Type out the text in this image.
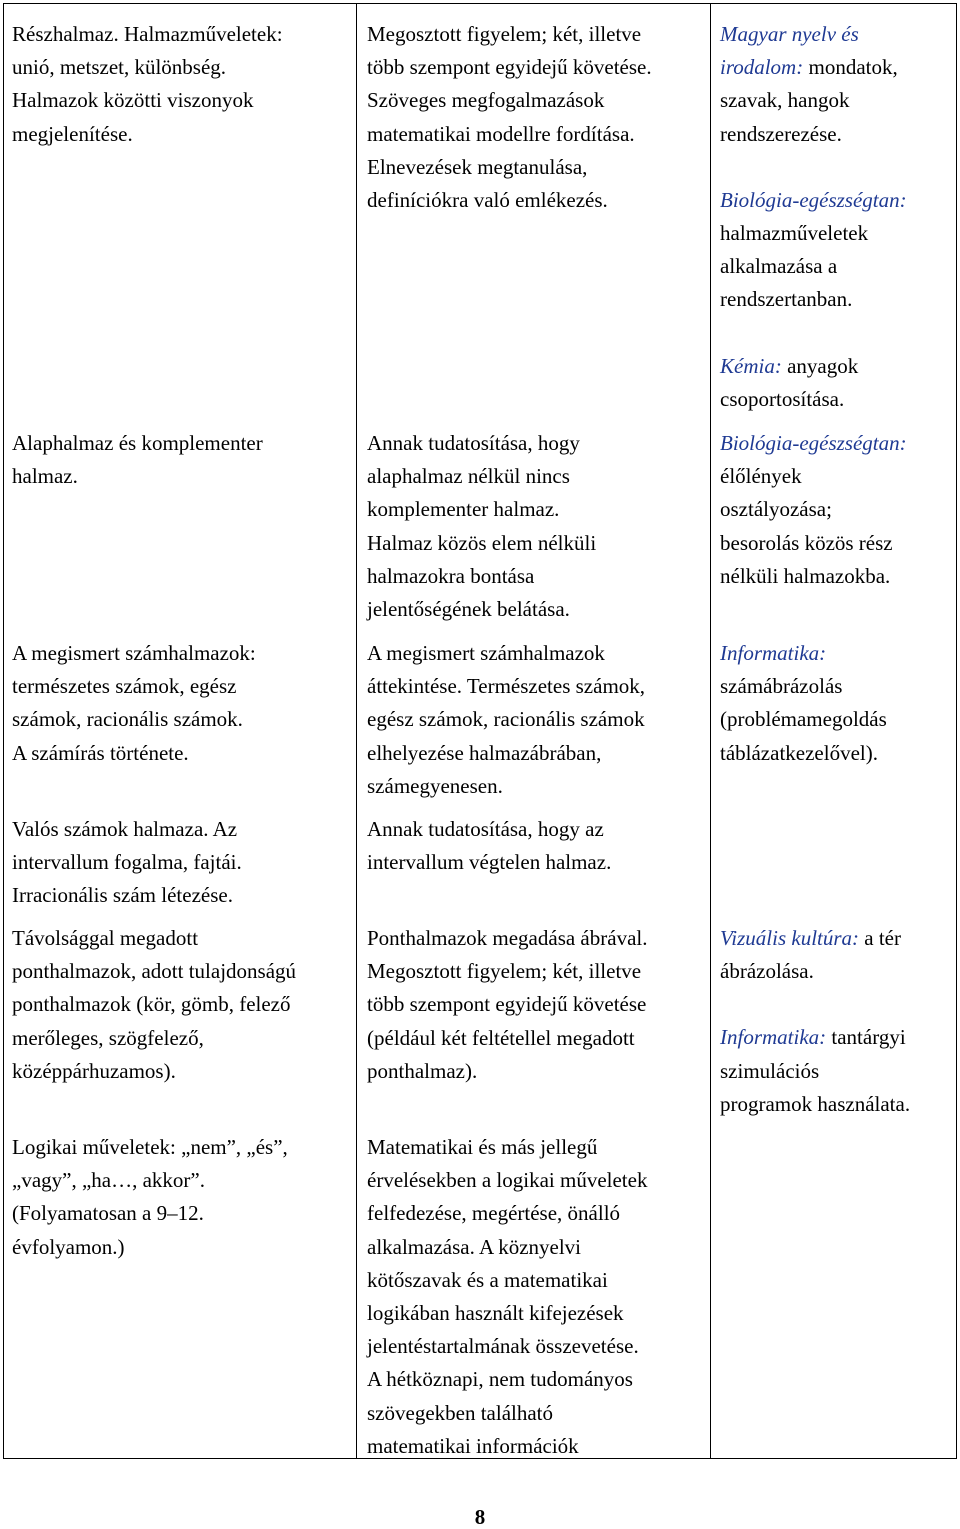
Részhalmaz. Halmazműveletek:

unió, metszet, különbség.

Halmazok közötti viszonyok

megjelenítése.

Megosztott figyelem; két, illetve

több szempont egyidejű követése.

Szöveges megfogalmazások

matematikai modellre fordítása.

Elnevezések megtanulása,

definíciókra való emlékezés.

Magyar nyelv és

irodalom: mondatok,

szavak, hangok

rendszerezése.

Biológia-egészségtan:

halmazműveletek

alkalmazása a

rendszertanban.

Kémia: anyagok

csoportosítása.

Alaphalmaz és komplementer

halmaz.

Annak tudatosítása, hogy

alaphalmaz nélkül nincs

komplementer halmaz.

Halmaz közös elem nélküli

halmazokra bontása

jelentőségének belátása.

Biológia-egészségtan:

élőlények

osztályozása;

besorolás közös rész

nélküli halmazokba.

A megismert számhalmazok:

természetes számok, egész

számok, racionális számok.

A számírás története.

A megismert számhalmazok

áttekintése. Természetes számok,

egész számok, racionális számok

elhelyezése halmazábrában,

számegyenesen.

Informatika:

számábrázolás

(problémamegoldás

táblázatkezelővel).

Valós számok halmaza. Az

intervallum fogalma, fajtái.

Irracionális szám létezése.

Annak tudatosítása, hogy az

intervallum végtelen halmaz.

Távolsággal megadott

ponthalmazok, adott tulajdonságú

ponthalmazok (kör, gömb, felező

merőleges, szögfelező,

középpárhuzamos).

Ponthalmazok megadása ábrával.

Megosztott figyelem; két, illetve

több szempont egyidejű követése

(például két feltétellel megadott

ponthalmaz).

Vizuális kultúra: a tér

ábrázolása.

Informatika: tantárgyi

szimulációs

programok használata.

Logikai műveletek: „nem”, „és”,

„vagy”, „ha…, akkor”.

(Folyamatosan a 9–12.

évfolyamon.)

Matematikai és más jellegű

érvelésekben a logikai műveletek

felfedezése, megértése, önálló

alkalmazása. A köznyelvi

kötőszavak és a matematikai

logikában használt kifejezések

jelentéstartalmának összevetése.

A hétköznapi, nem tudományos

szövegekben található

matematikai információk

8
